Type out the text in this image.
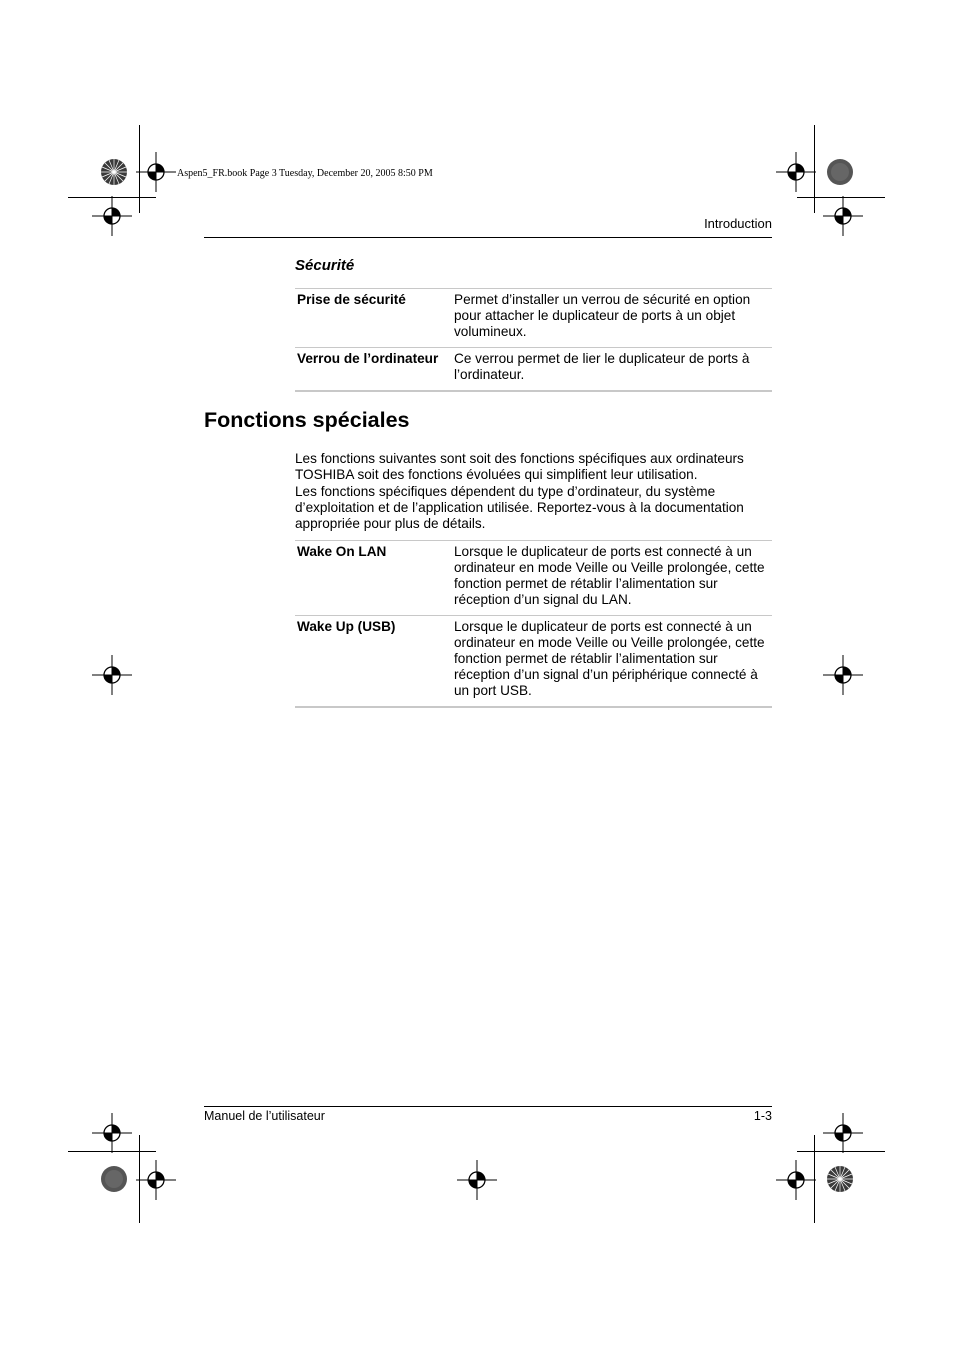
Aspen5_FR.book Page 3 Tuesday, December 20, 2005 8:50 PM
Introduction
Sécurité
Prise de sécurité	Permet d’installer un verrou de sécurité en option pour attacher le duplicateur de ports à un objet volumineux.
Verrou de l’ordinateur	Ce verrou permet de lier le duplicateur de ports à l’ordinateur.
Fonctions spéciales

Les fonctions suivantes sont soit des fonctions spécifiques aux ordinateurs TOSHIBA soit des fonctions évoluées qui simplifient leur utilisation.

Les fonctions spécifiques dépendent du type d’ordinateur, du système d’exploitation et de l’application utilisée. Reportez-vous à la documentation appropriée pour plus de détails.

Wake On LAN	Lorsque le duplicateur de ports est connecté à un ordinateur en mode Veille ou Veille prolongée, cette fonction permet de rétablir l’alimentation sur réception d’un signal du LAN.
Wake Up (USB)	Lorsque le duplicateur de ports est connecté à un ordinateur en mode Veille ou Veille prolongée, cette fonction permet de rétablir l’alimentation sur réception d’un signal d’un périphérique connecté à un port USB.
Manuel de l’utilisateur	1-3
